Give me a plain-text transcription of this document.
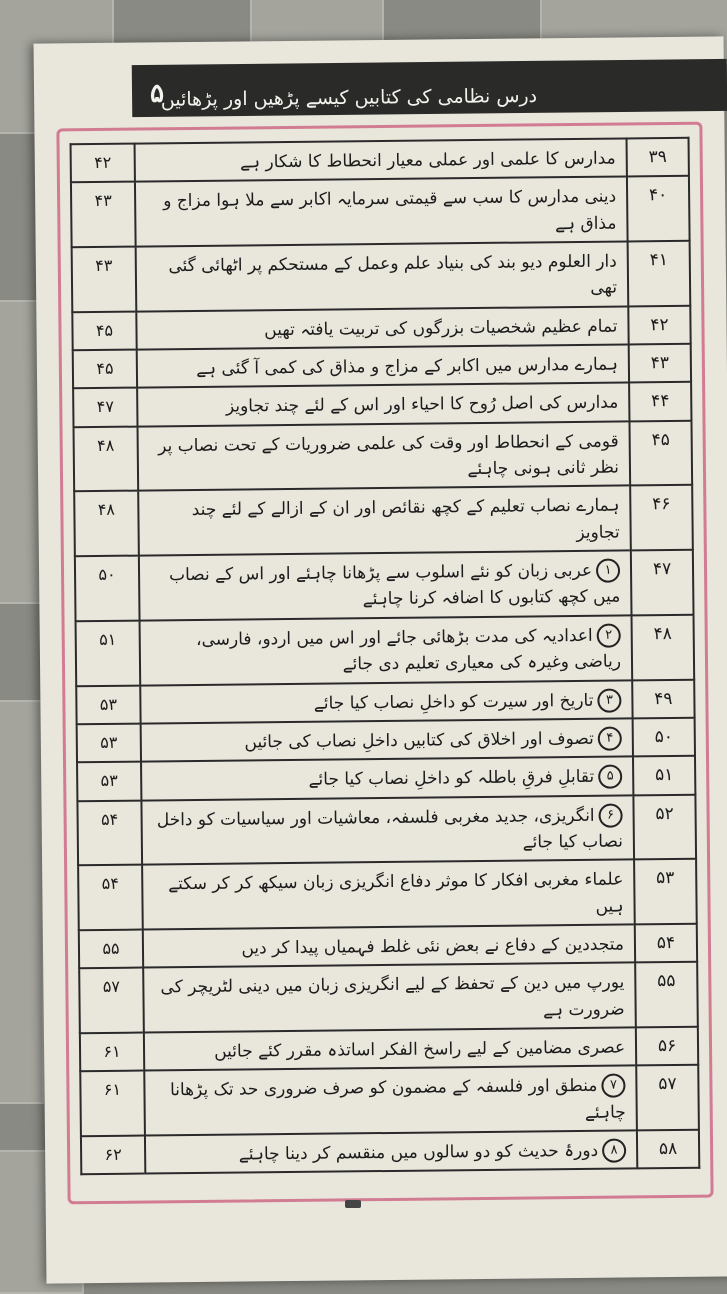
درس نظامی کی کتابیں کیسے پڑھیں اور پڑھائیں
۵
۳۹	مدارس کا علمی اور عملی معیار انحطاط کا شکار ہے	۴۲
۴۰	دینی مدارس کا سب سے قیمتی سرمایہ اکابر سے ملا ہوا مزاج و مذاق ہے	۴۳
۴۱	دار العلوم دیو بند کی بنیاد علم وعمل کے مستحکم پر اٹھائی گئی تھی	۴۳
۴۲	تمام عظیم شخصیات بزرگوں کی تربیت یافتہ تھیں	۴۵
۴۳	ہمارے مدارس میں اکابر کے مزاج و مذاق کی کمی آ گئی ہے	۴۵
۴۴	مدارس کی اصل رُوح کا احیاء اور اس کے لئے چند تجاویز	۴۷
۴۵	قومی کے انحطاط اور وقت کی علمی ضروریات کے تحت نصاب پر نظر ثانی ہونی چاہئے	۴۸
۴۶	ہمارے نصاب تعلیم کے کچھ نقائص اور ان کے ازالے کے لئے چند تجاویز	۴۸
۴۷	۱عربی زبان کو نئے اسلوب سے پڑھانا چاہئے اور اس کے نصاب میں کچھ کتابوں کا اضافہ کرنا چاہئے	۵۰
۴۸	۲اعدادیہ کی مدت بڑھائی جائے اور اس میں اردو، فارسی، ریاضی وغیرہ کی معیاری تعلیم دی جائے	۵۱
۴۹	۳تاریخ اور سیرت کو داخلِ نصاب کیا جائے	۵۳
۵۰	۴تصوف اور اخلاق کی کتابیں داخلِ نصاب کی جائیں	۵۳
۵۱	۵تقابلِ فرقِ باطلہ کو داخلِ نصاب کیا جائے	۵۳
۵۲	۶انگریزی، جدید مغربی فلسفہ، معاشیات اور سیاسیات کو داخل نصاب کیا جائے	۵۴
۵۳	علماء مغربی افکار کا موثر دفاع انگریزی زبان سیکھ کر کر سکتے ہیں	۵۴
۵۴	متجددین کے دفاع نے بعض نئی غلط فہمیاں پیدا کر دیں	۵۵
۵۵	یورپ میں دین کے تحفظ کے لیے انگریزی زبان میں دینی لٹریچر کی ضرورت ہے	۵۷
۵۶	عصری مضامین کے لیے راسخ الفکر اساتذہ مقرر کئے جائیں	۶۱
۵۷	۷منطق اور فلسفہ کے مضمون کو صرف ضروری حد تک پڑھانا چاہئے	۶۱
۵۸	۸دورۂ حدیث کو دو سالوں میں منقسم کر دینا چاہئے	۶۲
